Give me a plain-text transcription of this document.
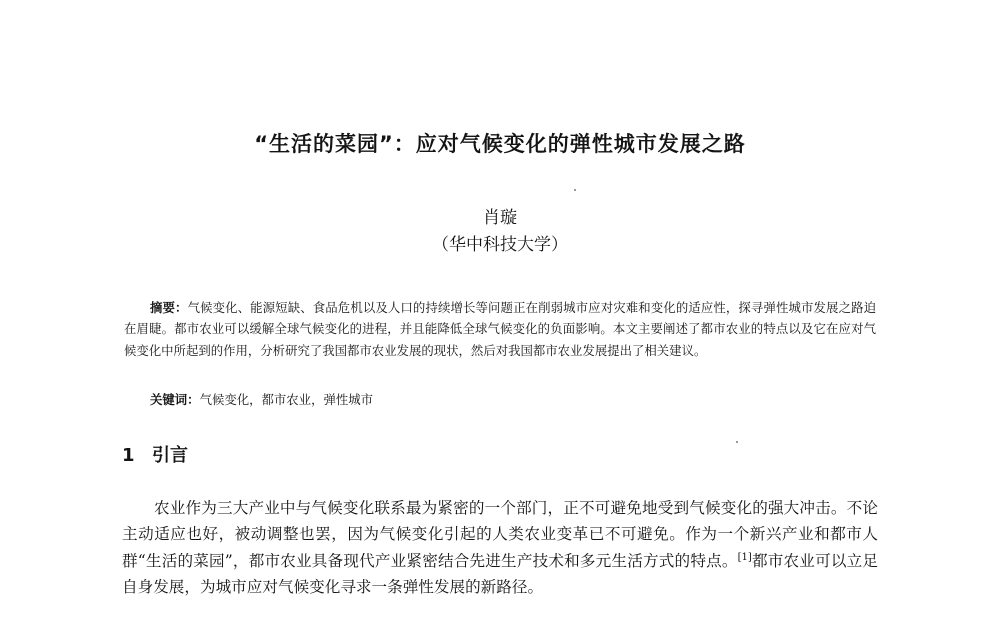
“生活的菜园”：应对气候变化的弹性城市发展之路
肖璇
（华中科技大学）

摘要：气候变化、能源短缺、食品危机以及人口的持续增长等问题正在削弱城市应对灾难和变化的适应性，探寻弹性城市发展之路迫在眉睫。都市农业可以缓解全球气候变化的进程，并且能降低全球气候变化的负面影响。本文主要阐述了都市农业的特点以及它在应对气候变化中所起到的作用，分析研究了我国都市农业发展的现状，然后对我国都市农业发展提出了相关建议。

关键词：气候变化，都市农业，弹性城市

1 引言

农业作为三大产业中与气候变化联系最为紧密的一个部门，正不可避免地受到气候变化的强大冲击。不论主动适应也好，被动调整也罢，因为气候变化引起的人类农业变革已不可避免。作为一个新兴产业和都市人群“生活的菜园”，都市农业具备现代产业紧密结合先进生产技术和多元生活方式的特点。[1]都市农业可以立足自身发展，为城市应对气候变化寻求一条弹性发展的新路径。
